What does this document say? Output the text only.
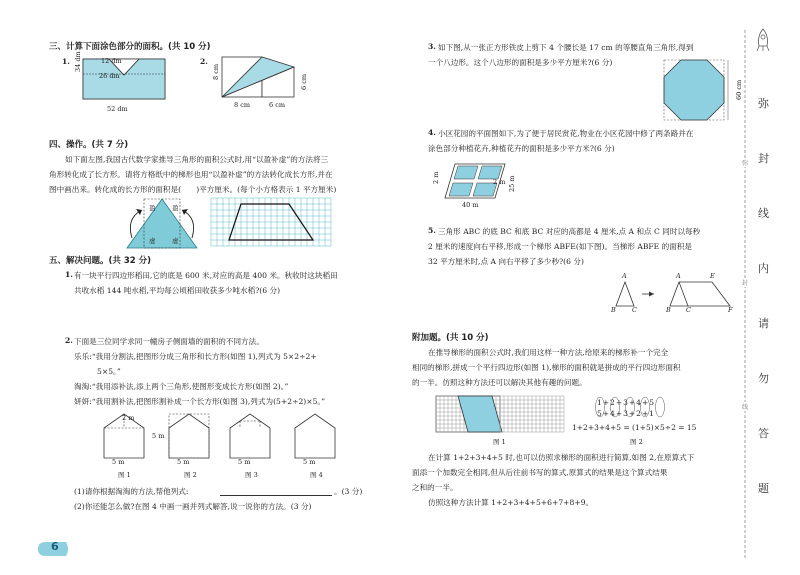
三、计算下面涂色部分的面积。(共 10 分)
1. 34 dm	12 dm
26 dm
52 dm
2.
8 cm
8 cm	6 cm
6 cm
四、操作。(共 7 分)
如下面左图,我国古代数学家推导三角形的面积公式时,用“以盈补虚”的方法将三
角形转化成了长方形。请将方格纸中的梯形也用“以盈补虚”的方法转化成长方形,并在
图中画出来。转化成的长方形的面积是(　　)平方厘米。(每个小方格表示 1 平方厘米)
盈	盈
虚	虚
五、解决问题。(共 32 分)
1. 有一块平行四边形稻田,它的底是 600 米,对应的高是 400 米。秋收时这块稻田
共收水稻 144 吨水稻,平均每公顷稻田收获多少吨水稻?(6 分)
2. 下面是三位同学求同一幢房子侧面墙的面积的不同方法。
乐乐:“我用分割法,把图形分成三角形和长方形(如图 1),列式为 5×2÷2+
5×5。”
淘淘:“我用添补法,添上两个三角形,使图形变成长方形(如图 2)。”
妍妍:“我用割补法,把图形割补成一个长方形(如图 3),列式为(5+2÷2)×5。”
2 m
5 m
5 m	5 m	5 m	5 m
图 1	图 2	图 3	图 4
(1)请你根据淘淘的方法,帮他列式:	。(3 分)
(2)你还能怎么做?在图 4 中画一画并列式解答,说一说你的方法。(3 分)
6
3. 如下图,从一张正方形铁皮上剪下 4 个腰长是 17 cm 的等腰直角三角形,得到
一个八边形。这个八边形的面积是多少平方厘米?(6 分)
60 cm
4. 小区花园的平面图如下,为了便于居民赏花,物业在小区花园中修了两条路并在
涂色部分种植花卉,种植花卉的面积是多少平方米?(6 分)
2 m	2 m 25 m
40 m
5. 三角形 ABC 的底 BC 和底 BC 对应的高都是 4 厘米,点 A 和点 C 同时以每秒
2 厘米的速度向右平移,形成一个梯形 ABFE(如下图)。当梯形 ABFE 的面积是
32 平方厘米时,点 A 向右平移了多少秒?(6 分)
A
B C
A	E
B C	F
附加题。(共 10 分)
在推导梯形的面积公式时,我们用这样一种方法,给原来的梯形补一个完全
相同的梯形,拼成一个平行四边形(如图 1),梯形的面积就是拼成的平行四边形面积
的一半。仿照这种方法还可以解决其他有趣的问题。
图 1
1+2+3+4+5
5+4+3+2+1
1+2+3+4+5 = (1+5)×5÷2 = 15
图 2
在计算 1+2+3+4+5 时,也可以仿照求梯形的面积进行简算,如图 2,在原算式下
面添一个加数完全相同,但从后往前书写的算式,原算式的结果是这个算式结果
之和的一半。
仿照这种方法计算 1+2+3+4+5+6+7+8+9。
弥
封
线
内
请
勿
答
题
弥
封
线
